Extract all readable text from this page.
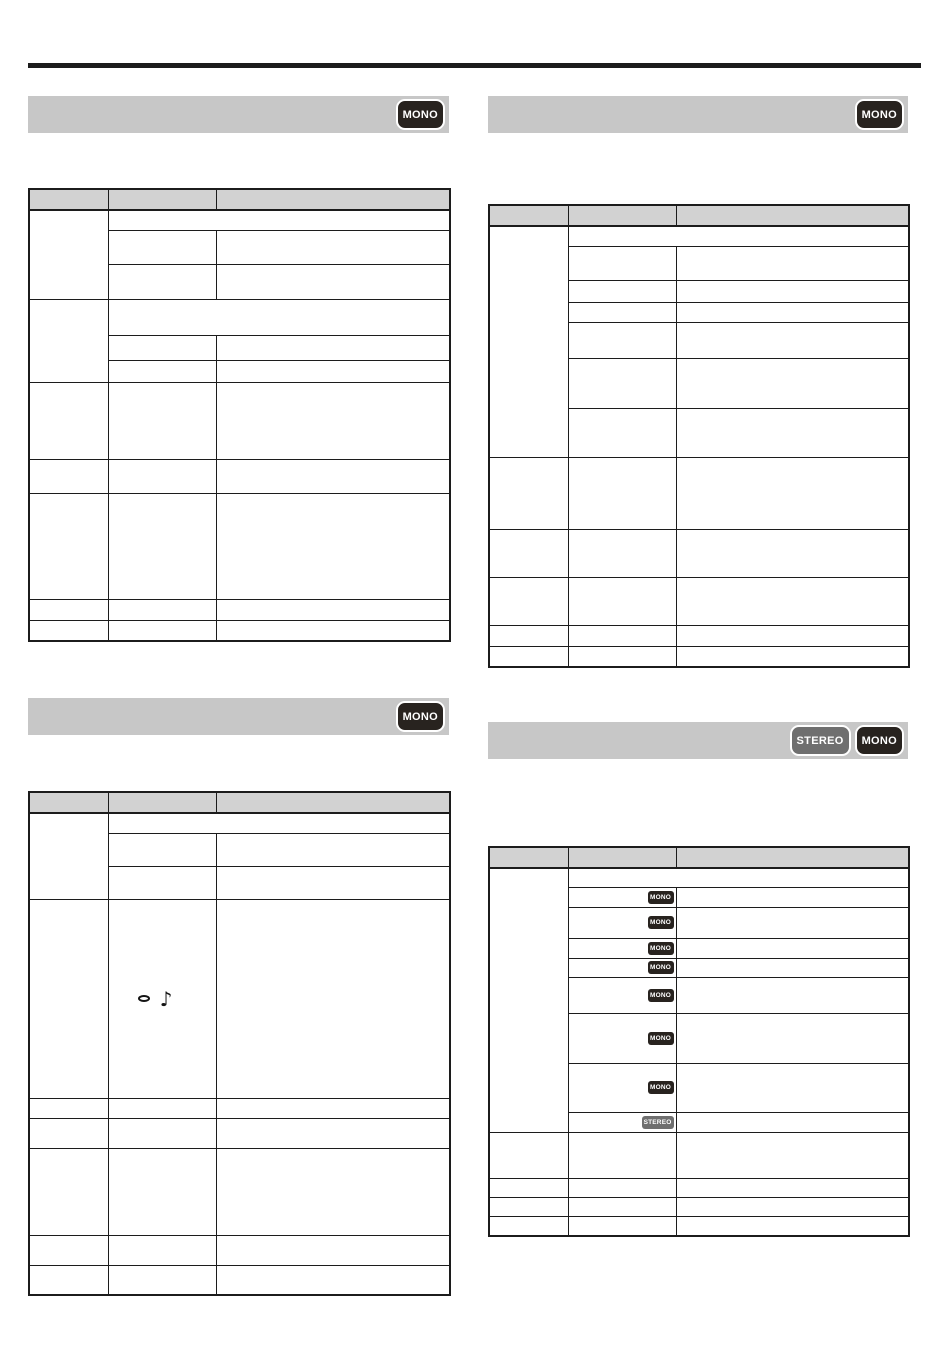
MONO

MONO

	♪	

MONO

STEREO	MONO

	MONO	
	MONO	
	MONO	
	MONO	
	MONO	
	MONO	
	MONO	
	STEREO	
